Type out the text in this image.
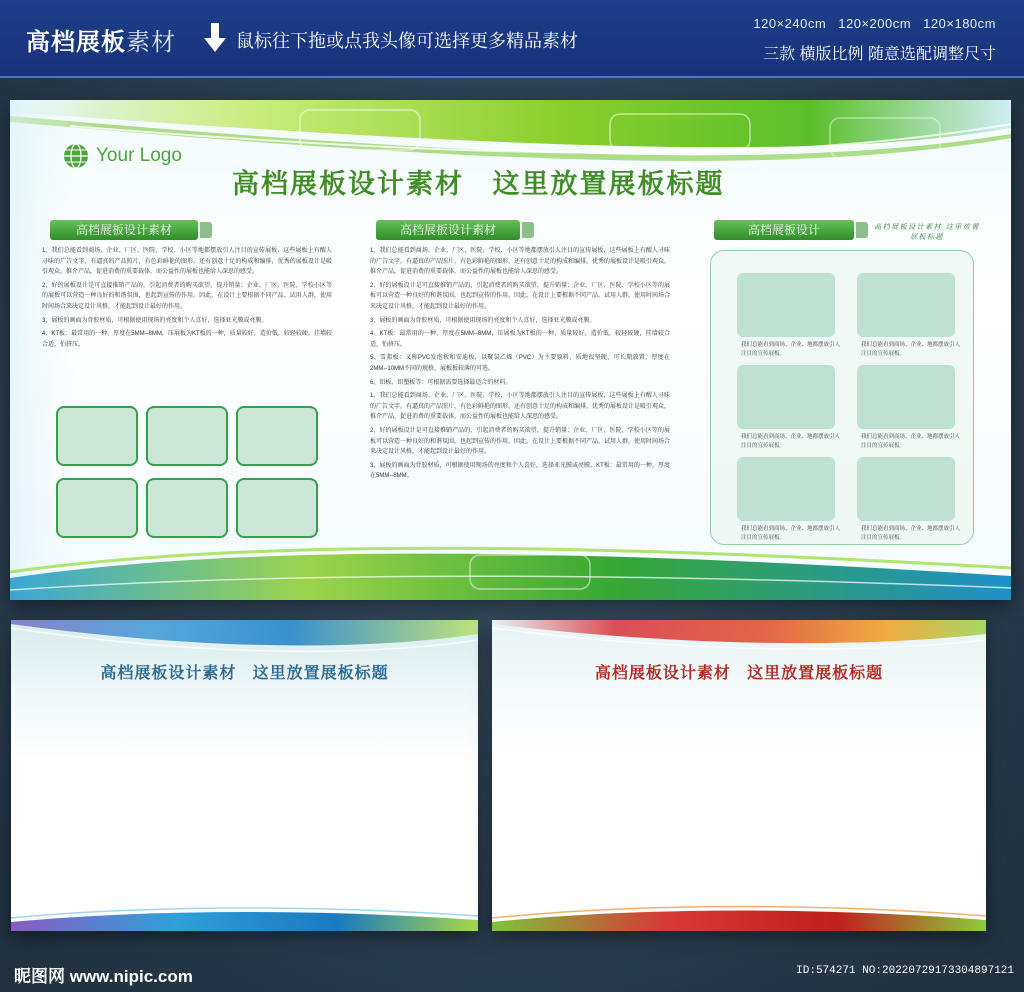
高档展板素材	鼠标往下拖或点我头像可选择更多精品素材
120×240cm 120×200cm 120×180cm
三款 横版比例 随意选配调整尺寸
Your Logo
高档展板设计素材   这里放置展板标题
高档展板设计素材

1、我们总能看到商场、企业、厂区、医院、学校、小区等地都摆放引人注目的宣传展板，这些展板上有醒人寻味的广告文字，有逼真的产品照片，有色彩鲜艳的图形，还有创意十足的构成和编排，优秀的展板设计是吸引观众，推介产品，促进消费的重要载体，而公益性的展板也能给人深思的感受。

2、好的展板设计是可直接推销产品的，引起消费者的购买欲望，提升销量；企业、厂区、医院、学校小区等的展板可以营造一种良好的和谐氛围，也起到宣传的作用。因此，在设计上要根据不同产品、试用人群，使用时间场合来决定设计风格，才能起到设计最好的作用。

3、展板的画面为背胶材质，可根据使用现场的亮度和个人喜好，选择亚光膜或亮膜。

4、KT板：最常用的一种，厚度在5MM--8MM，压展板为KT板的一种，质量较好，造价低，较轻较硬，挂墙较合适，怕挤压。

高档展板设计素材

1、我们总能看到商场、企业、厂区、医院、学校、小区等地都摆放引人注目的宣传展板，这些展板上有醒人寻味的广告文字，有逼真的产品照片，有色彩鲜艳的图形，还有创意十足的构成和编排，优秀的展板设计是吸引观众，推介产品，促进消费的重要载体，而公益性的展板也能给人深思的感受。

2、好的展板设计是可直接推销产品的，引起消费者的购买欲望，提升销量；企业、厂区、医院、学校小区等的展板可以营造一种良好的和谐氛围，也起到宣传的作用。因此，在设计上要根据不同产品、试用人群，使用时间场合来决定设计风格，才能起到设计最好的作用。

3、展板的画面为背胶材质，可根据使用现场的亮度和个人喜好，选择亚光膜或亮膜。

4、KT板：最常用的一种，厚度在5MM--8MM，压展板为KT板的一种，质量较好，造价低，较轻较硬，挂墙较合适，怕挤压。

5、雪弗板：又称PVC发泡板和安迪板，以聚氯乙烯（PVC）为主要原料，质地很坚硬，可长期放置，厚度在2MM--10MM不同的规格，展板板较薄的可选。

6、铝板、铝塑板等：可根据需要选择最适合的材料。

1、我们总能看到商场、企业、厂区、医院、学校、小区等地都摆放引人注目的宣传展板，这些展板上有醒人寻味的广告文字，有逼真的产品照片，有色彩鲜艳的图形，还有创意十足的构成和编排，优秀的展板设计是吸引观众，推介产品，促进消费的重要载体，而公益性的展板也能给人深思的感受。

2、好的展板设计是可直接推销产品的，引起消费者的购买欲望，提升销量；企业、厂区、医院、学校小区等的展板可以营造一种良好的和谐氛围，也起到宣传的作用。因此，在设计上要根据不同产品、试用人群，使用时间场合来决定设计风格，才能起到设计最好的作用。

3、展板的画面为背胶材质，可根据使用现场的亮度和个人喜好，选择亚光膜或亮膜。KT板：最常用的一种，厚度在5MM--8MM。

高档展板设计	高档展板设计素材 这里放置展板标题
我们总能看到商场、企业、地都摆放引人注目的宣传展板。
我们总能看到商场、企业、地都摆放引人注目的宣传展板。
我们总能看到商场、企业、地都摆放引人注目的宣传展板。
我们总能看到商场、企业、地都摆放引人注目的宣传展板。
我们总能看到商场、企业、地都摆放引人注目的宣传展板。
我们总能看到商场、企业、地都摆放引人注目的宣传展板。
高档展板设计素材   这里放置展板标题	高档展板设计素材   这里放置展板标题
昵图网 www.nipic.com	ID:574271 NO:20220729173304897121
